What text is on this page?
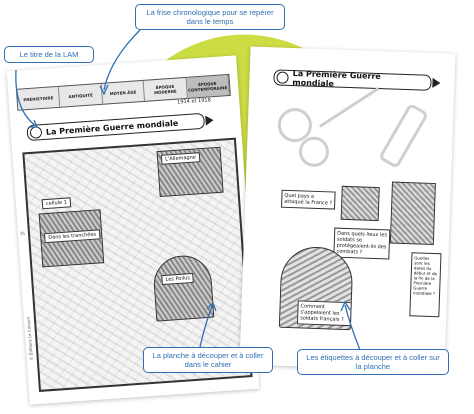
PRÉHISTOIRE	ANTIQUITÉ	MOYEN ÂGE
ÉPOQUE MODERNE
ÉPOQUE CONTEMPORAINE
1914 et 1918
La Première Guerre mondiale
L'Allemagne
cellule 1
Dans les tranchées
Les Poilus
35
© Éditions Le Colvent
La Première Guerre mondiale
Quel pays a attaqué la France ?
Dans quels lieux les soldats se protégeaient-ils des combats ?
Comment s'appelaient les soldats français ?
Quelles sont les dates du début et de la fin de la Première Guerre mondiale ?
La frise chronologique pour se repérer dans le temps
Le titre de la LAM
La planche à découper et à coller dans le cahier
Les étiquettes à découper et à coller sur la planche
